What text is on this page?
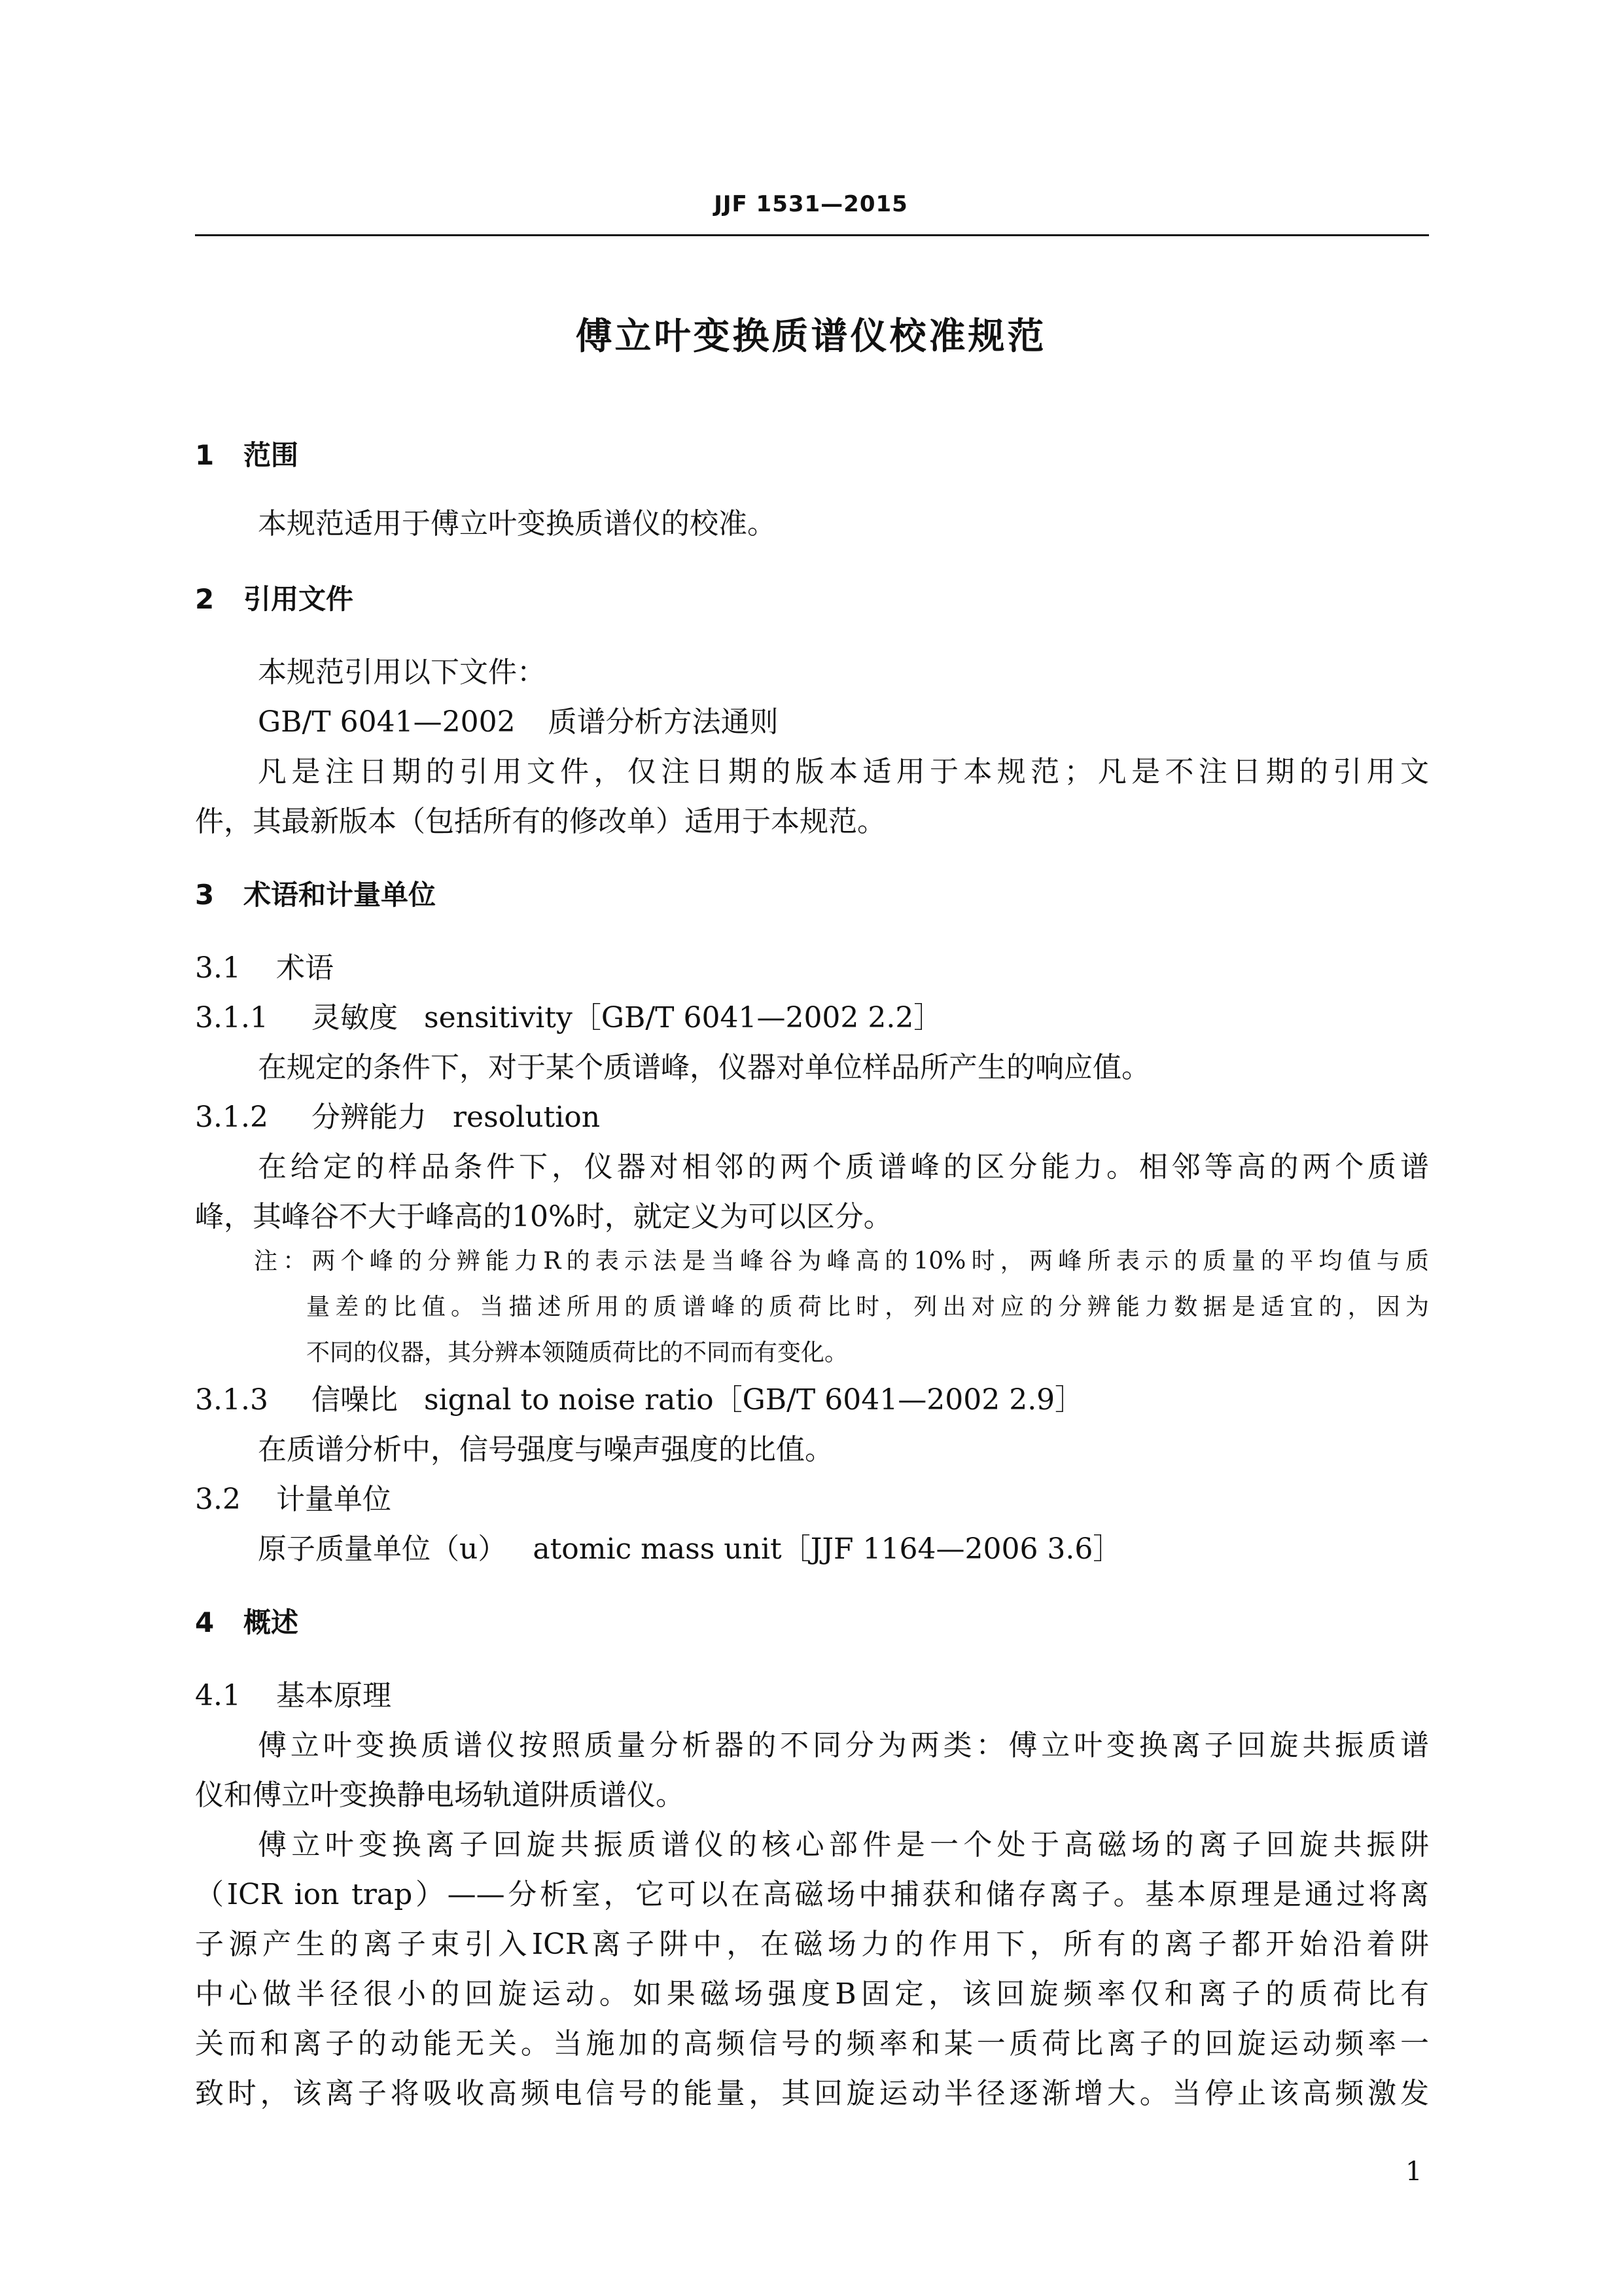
JJF 1531—2015
傅立叶变换质谱仪校准规范
1 范围
本规范适用于傅立叶变换质谱仪的校准。
2 引用文件
本规范引用以下文件：
GB/T 6041—2002 质谱分析方法通则
凡是注日期的引用文件，仅注日期的版本适用于本规范；凡是不注日期的引用文
件，其最新版本（包括所有的修改单）适用于本规范。
3 术语和计量单位
3.1 术语
3.1.1 灵敏度 sensitivity［GB/T 6041—2002 2.2］
在规定的条件下，对于某个质谱峰，仪器对单位样品所产生的响应值。
3.1.2 分辨能力 resolution
在给定的样品条件下，仪器对相邻的两个质谱峰的区分能力。相邻等高的两个质谱
峰，其峰谷不大于峰高的10%时，就定义为可以区分。
注：两个峰的分辨能力R的表示法是当峰谷为峰高的10%时，两峰所表示的质量的平均值与质
量差的比值。当描述所用的质谱峰的质荷比时，列出对应的分辨能力数据是适宜的，因为
不同的仪器，其分辨本领随质荷比的不同而有变化。
3.1.3 信噪比 signal to noise ratio［GB/T 6041—2002 2.9］
在质谱分析中，信号强度与噪声强度的比值。
3.2 计量单位
原子质量单位（u） atomic mass unit［JJF 1164—2006 3.6］
4 概述
4.1 基本原理
傅立叶变换质谱仪按照质量分析器的不同分为两类：傅立叶变换离子回旋共振质谱
仪和傅立叶变换静电场轨道阱质谱仪。
傅立叶变换离子回旋共振质谱仪的核心部件是一个处于高磁场的离子回旋共振阱
（ICR ion trap）——分析室，它可以在高磁场中捕获和储存离子。基本原理是通过将离
子源产生的离子束引入ICR离子阱中，在磁场力的作用下，所有的离子都开始沿着阱
中心做半径很小的回旋运动。如果磁场强度B固定，该回旋频率仅和离子的质荷比有
关而和离子的动能无关。当施加的高频信号的频率和某一质荷比离子的回旋运动频率一
致时，该离子将吸收高频电信号的能量，其回旋运动半径逐渐增大。当停止该高频激发
1
